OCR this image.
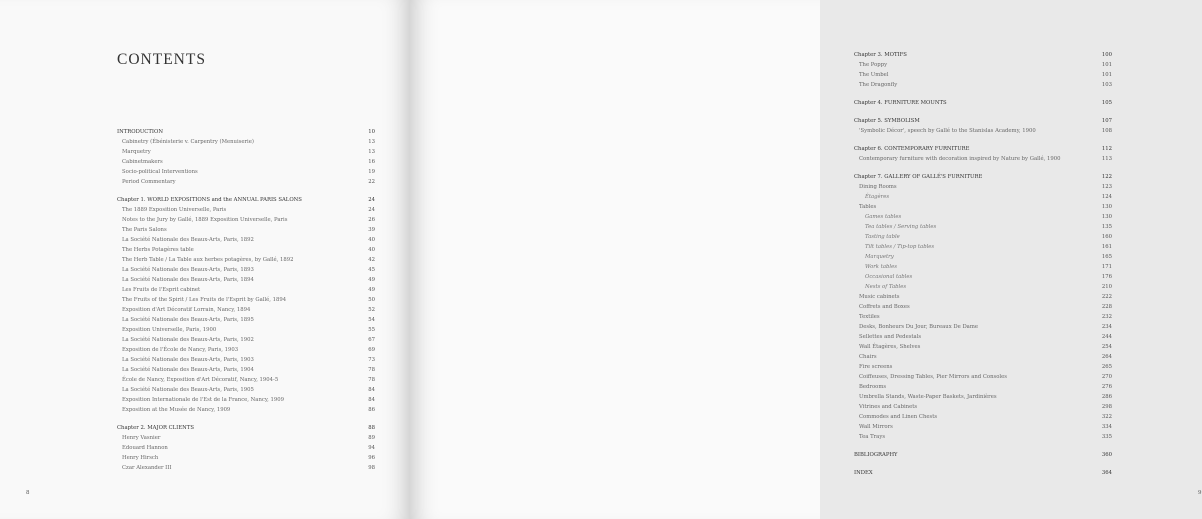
CONTENTS
INTRODUCTION	10
Cabinetry (Ébénisterie v. Carpentry (Menuiserie)	13
Marquetry	13
Cabinetmakers	16
Socio-political Interventions	19
Period Commentary	22
Chapter 1. WORLD EXPOSITIONS and the ANNUAL PARIS SALONS	24
The 1889 Exposition Universelle, Paris	24
Notes to the Jury by Gallé, 1889 Exposition Universelle, Paris	26
The Paris Salons	39
La Société Nationale des Beaux-Arts, Paris, 1892	40
The Herbs Potagères table	40
The Herb Table / La Table aux herbes potagères, by Gallé, 1892	42
La Société Nationale des Beaux-Arts, Paris, 1893	45
La Société Nationale des Beaux-Arts, Paris, 1894	49
Les Fruits de l'Esprit cabinet	49
The Fruits of the Spirit / Les Fruits de l'Esprit by Gallé, 1894	50
Exposition d'Art Décoratif Lorrain, Nancy, 1894	52
La Société Nationale des Beaux-Arts, Paris, 1895	54
Exposition Universelle, Paris, 1900	55
La Société Nationale des Beaux-Arts, Paris, 1902	67
Exposition de l'École de Nancy, Paris, 1903	69
La Société Nationale des Beaux-Arts, Paris, 1903	73
La Société Nationale des Beaux-Arts, Paris, 1904	78
École de Nancy, Exposition d'Art Décoratif, Nancy, 1904-5	78
La Société Nationale des Beaux-Arts, Paris, 1905	84
Exposition Internationale de l'Est de la France, Nancy, 1909	84
Exposition at the Musée de Nancy, 1909	86
Chapter 2. MAJOR CLIENTS	88
Henry Vasnier	89
Edouard Hannon	94
Henry Hirsch	96
Czar Alexander III	98
8
Chapter 3. MOTIFS	100
The Poppy	101
The Umbel	101
The Dragonfly	103
Chapter 4. FURNITURE MOUNTS	105
Chapter 5. SYMBOLISM	107
'Symbolic Décor', speech by Gallé to the Stanislas Academy, 1900	108
Chapter 6. CONTEMPORARY FURNITURE	112
Contemporary furniture with decoration inspired by Nature by Gallé, 1900	113
Chapter 7. GALLERY OF GALLÉ'S FURNITURE	122
Dining Rooms	123
Étagères	124
Tables	130
Games tables	130
Tea tables / Serving tables	135
Tasting table	160
Tilt tables / Tip-top tables	161
Marquetry	165
Work tables	171
Occasional tables	176
Nests of Tables	210
Music cabinets	222
Coffrets and Boxes	228
Textiles	232
Desks, Bonheurs Du Jour, Bureaux De Dame	234
Sellettes and Pedestals	244
Wall Étagères, Shelves	254
Chairs	264
Fire screens	265
Coiffeuses, Dressing Tables, Pier Mirrors and Consoles	270
Bedrooms	276
Umbrella Stands, Waste-Paper Baskets, Jardinières	286
Vitrines and Cabinets	298
Commodes and Linen Chests	322
Wall Mirrors	334
Tea Trays	335
BIBLIOGRAPHY	360
INDEX	364
9
